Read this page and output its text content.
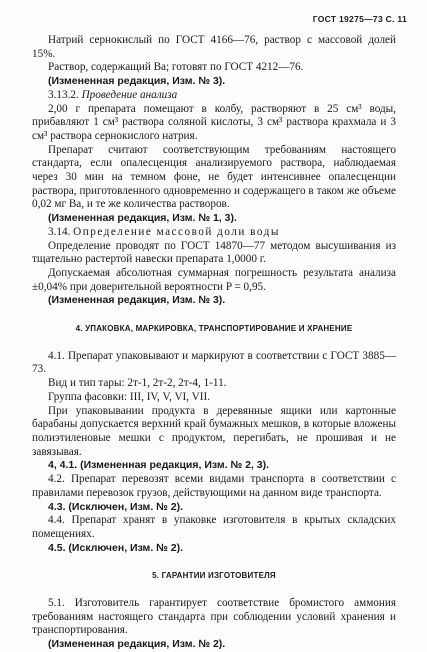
ГОСТ 19275—73 С. 11

Натрий сернокислый по ГОСТ 4166—76, раствор с массовой долей 15%.

Раствор, содержащий Ва; готовят по ГОСТ 4212—76.

(Измененная редакция, Изм. № 3).

3.13.2. Проведение анализа

2,00 г препарата помещают в колбу, растворяют в 25 см³ воды, прибавляют 1 см³ раствора соляной кислоты, 3 см³ раствора крахмала и 3 см³ раствора сернокислого натрия.

Препарат считают соответствующим требованиям настоящего стандарта, если опалесценция анализируемого раствора, наблюдаемая через 30 мин на темном фоне, не будет интенсивнее опалесценции раствора, приготовленного одновременно и содержащего в таком же объеме 0,02 мг Ва, и те же количества растворов.

(Измененная редакция, Изм. № 1, 3).

3.14. Определение массовой доли воды

Определение проводят по ГОСТ 14870—77 методом высушивания из тщательно растертой навески препарата 1,0000 г.

Допускаемая абсолютная суммарная погрешность результата анализа ±0,04% при доверительной вероятности P = 0,95.

(Измененная редакция, Изм. № 3).

4. УПАКОВКА, МАРКИРОВКА, ТРАНСПОРТИРОВАНИЕ И ХРАНЕНИЕ

4.1. Препарат упаковывают и маркируют в соответствии с ГОСТ 3885—73.

Вид и тип тары: 2т-1, 2т-2, 2т-4, 1-11.

Группа фасовки: III, IV, V, VI, VII.

При упаковывании продукта в деревянные ящики или картонные барабаны допускается верхний край бумажных мешков, в которые вложены полиэтиленовые мешки с продуктом, перегибать, не прошивая и не завязывая.

4, 4.1. (Измененная редакция, Изм. № 2, 3).

4.2. Препарат перевозят всеми видами транспорта в соответствии с правилами перевозок грузов, действующими на данном виде транспорта.

4.3. (Исключен, Изм. № 2).

4.4. Препарат хранят в упаковке изготовителя в крытых складских помещениях.

4.5. (Исключен, Изм. № 2).

5. ГАРАНТИИ ИЗГОТОВИТЕЛЯ

5.1. Изготовитель гарантирует соответствие бромистого аммония требованиям настоящего стандарта при соблюдении условий хранения и транспортирования.

(Измененная редакция, Изм. № 2).
